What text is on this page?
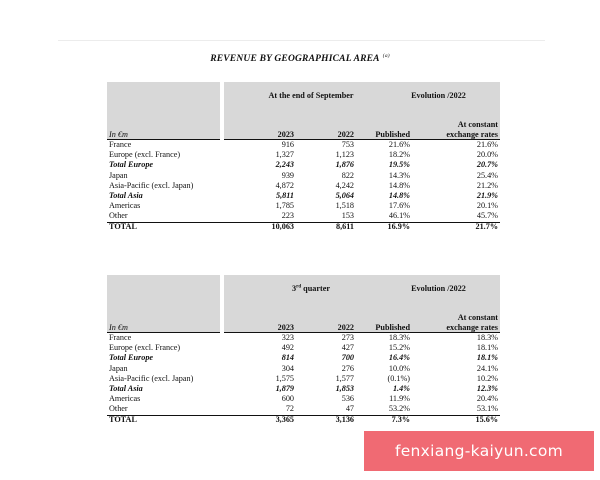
REVENUE BY GEOGRAPHICAL AREA $^{(a)}$
At the end of September	Evolution /2022
In €m	2023	2022	Published
At constant
exchange rates
France	916	753	21.6%	21.6%
Europe (excl. France)	1,327	1,123	18.2%	20.0%
Total Europe	2,243	1,876	19.5%	20.7%
Japan	939	822	14.3%	25.4%
Asia-Pacific (excl. Japan)	4,872	4,242	14.8%	21.2%
Total Asia	5,811	5,064	14.8%	21.9%
Americas	1,785	1,518	17.6%	20.1%
Other	223	153	46.1%	45.7%
TOTAL	10,063	8,611	16.9%	21.7%
3rd quarter	Evolution /2022
In €m	2023	2022	Published
At constant
exchange rates
France	323	273	18.3%	18.3%
Europe (excl. France)	492	427	15.2%	18.1%
Total Europe	814	700	16.4%	18.1%
Japan	304	276	10.0%	24.1%
Asia-Pacific (excl. Japan)	1,575	1,577	(0.1%)	10.2%
Total Asia	1,879	1,853	1.4%	12.3%
Americas	600	536	11.9%	20.4%
Other	72	47	53.2%	53.1%
TOTAL	3,365	3,136	7.3%	15.6%
fenxiang-kaiyun.com
